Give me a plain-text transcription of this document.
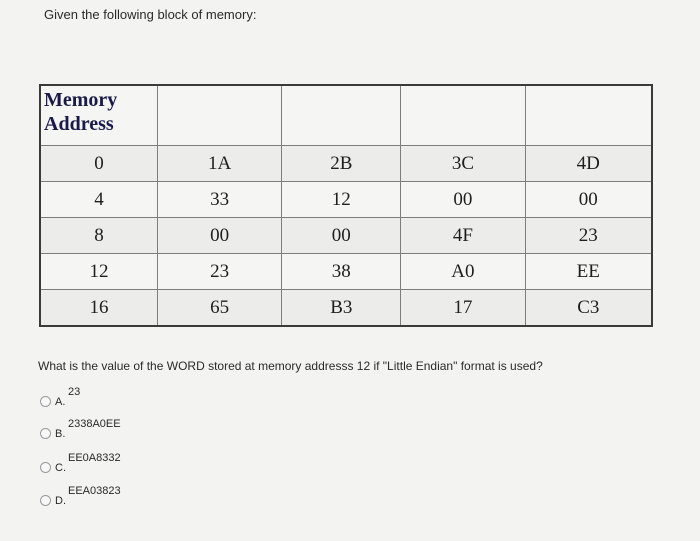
Given the following block of memory:
Memory Address				
0	1A	2B	3C	4D
4	33	12	00	00
8	00	00	4F	23
12	23	38	A0	EE
16	65	B3	17	C3
What is the value of the WORD stored at memory addresss 12 if "Little Endian" format is used?
A.
23
B.
2338A0EE
C.
EE0A8332
D.
EEA03823
